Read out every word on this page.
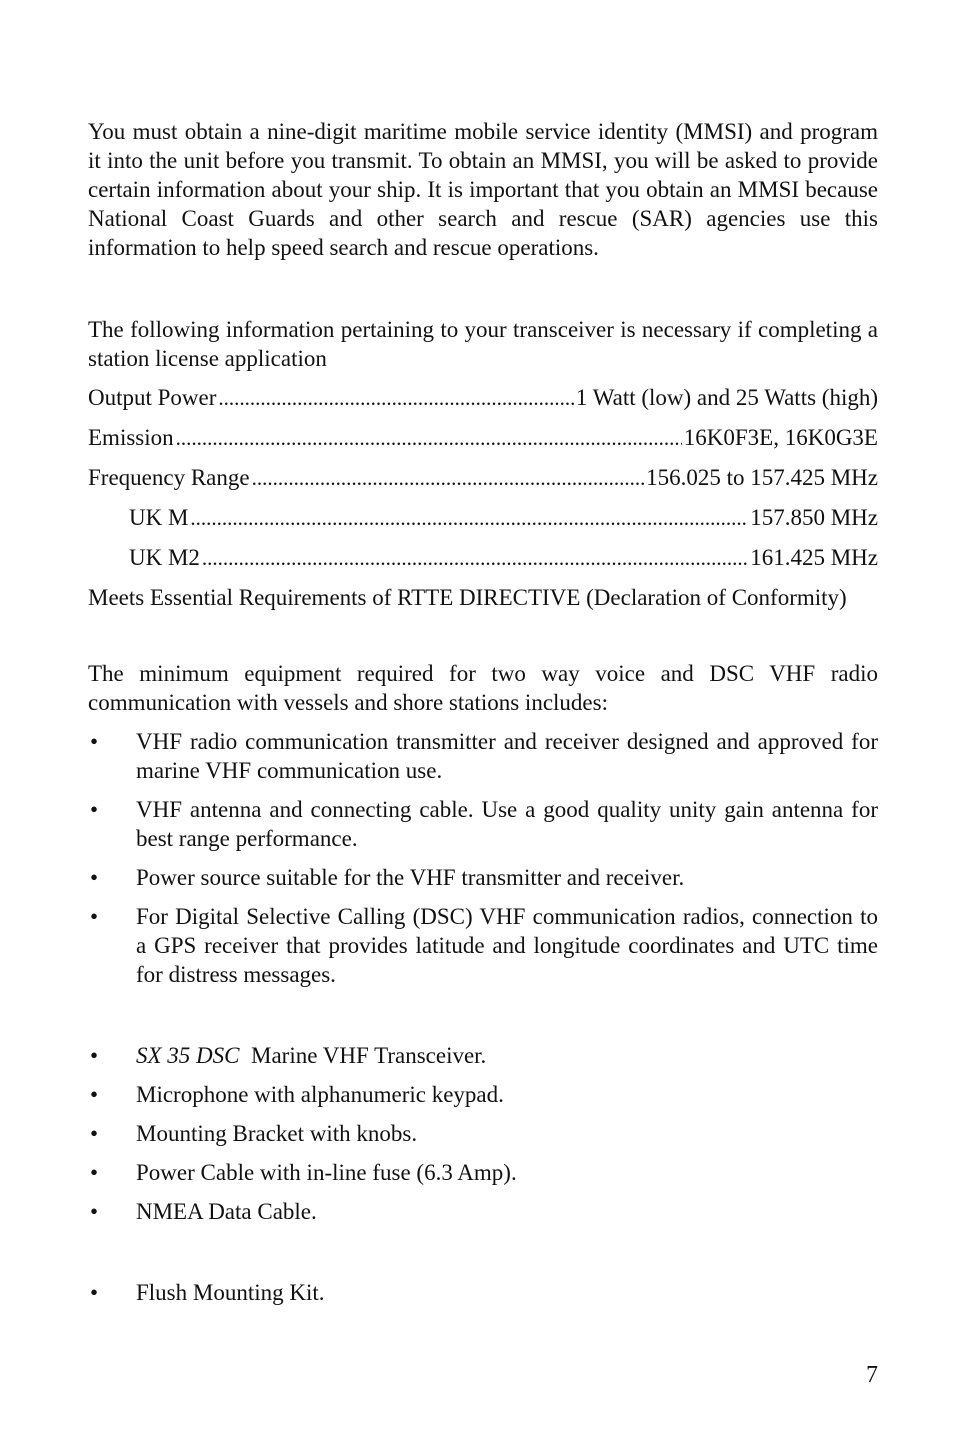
You must obtain a nine-digit maritime mobile service identity (MMSI) and program it into the unit before you transmit. To obtain an MMSI, you will be asked to provide certain information about your ship. It is important that you obtain an MMSI because National Coast Guards and other search and rescue (SAR) agencies use this information to help speed search and rescue operations.

The following information pertaining to your transceiver is necessary if completing a station license application

Output Power .....	1 Watt (low) and 25 Watts (high)
Emission .....	16K0F3E, 16K0G3E
Frequency Range .....	156.025 to 157.425 MHz
UK M .....	157.850 MHz
UK M2 .....	161.425 MHz

Meets Essential Requirements of RTTE DIRECTIVE (Declaration of Conformity)

The minimum equipment required for two way voice and DSC VHF radio communication with vessels and shore stations includes:

•	VHF radio communication transmitter and receiver designed and approved for marine VHF communication use.
•	VHF antenna and connecting cable. Use a good quality unity gain antenna for best range performance.
•	Power source suitable for the VHF transmitter and receiver.
•	For Digital Selective Calling (DSC) VHF communication radios, connection to a GPS receiver that provides latitude and longitude coordinates and UTC time for distress messages.
•	SX 35 DSC Marine VHF Transceiver.
•	Microphone with alphanumeric keypad.
•	Mounting Bracket with knobs.
•	Power Cable with in-line fuse (6.3 Amp).
•	NMEA Data Cable.
•	Flush Mounting Kit.
7
